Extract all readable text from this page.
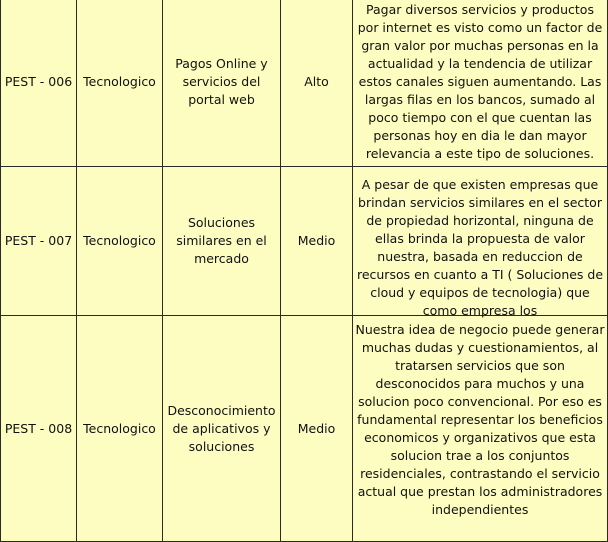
PEST - 006	Tecnologico	Pagos Online y servicios del portal web	Alto	Pagar diversos servicios y productos por internet es visto como un factor de gran valor por muchas personas en la actualidad y la tendencia de utilizar estos canales siguen aumentando. Las largas filas en los bancos, sumado al poco tiempo con el que cuentan las personas hoy en dia le dan mayor relevancia a este tipo de soluciones.

PEST - 007	Tecnologico	Soluciones similares en el mercado	Medio	A pesar de que existen empresas que brindan servicios similares en el sector de propiedad horizontal, ninguna de ellas brinda la propuesta de valor nuestra, basada en reduccion de recursos en cuanto a TI ( Soluciones de cloud y equipos de tecnologia) que como empresa los

PEST - 008	Tecnologico	Desconocimiento de aplicativos y soluciones	Medio	Nuestra idea de negocio puede generar muchas dudas y cuestionamientos, al tratarsen servicios que son desconocidos para muchos y una solucion poco convencional. Por eso es fundamental representar los beneficios economicos y organizativos que esta solucion trae a los conjuntos residenciales, contrastando el servicio actual que prestan los administradores independientes
